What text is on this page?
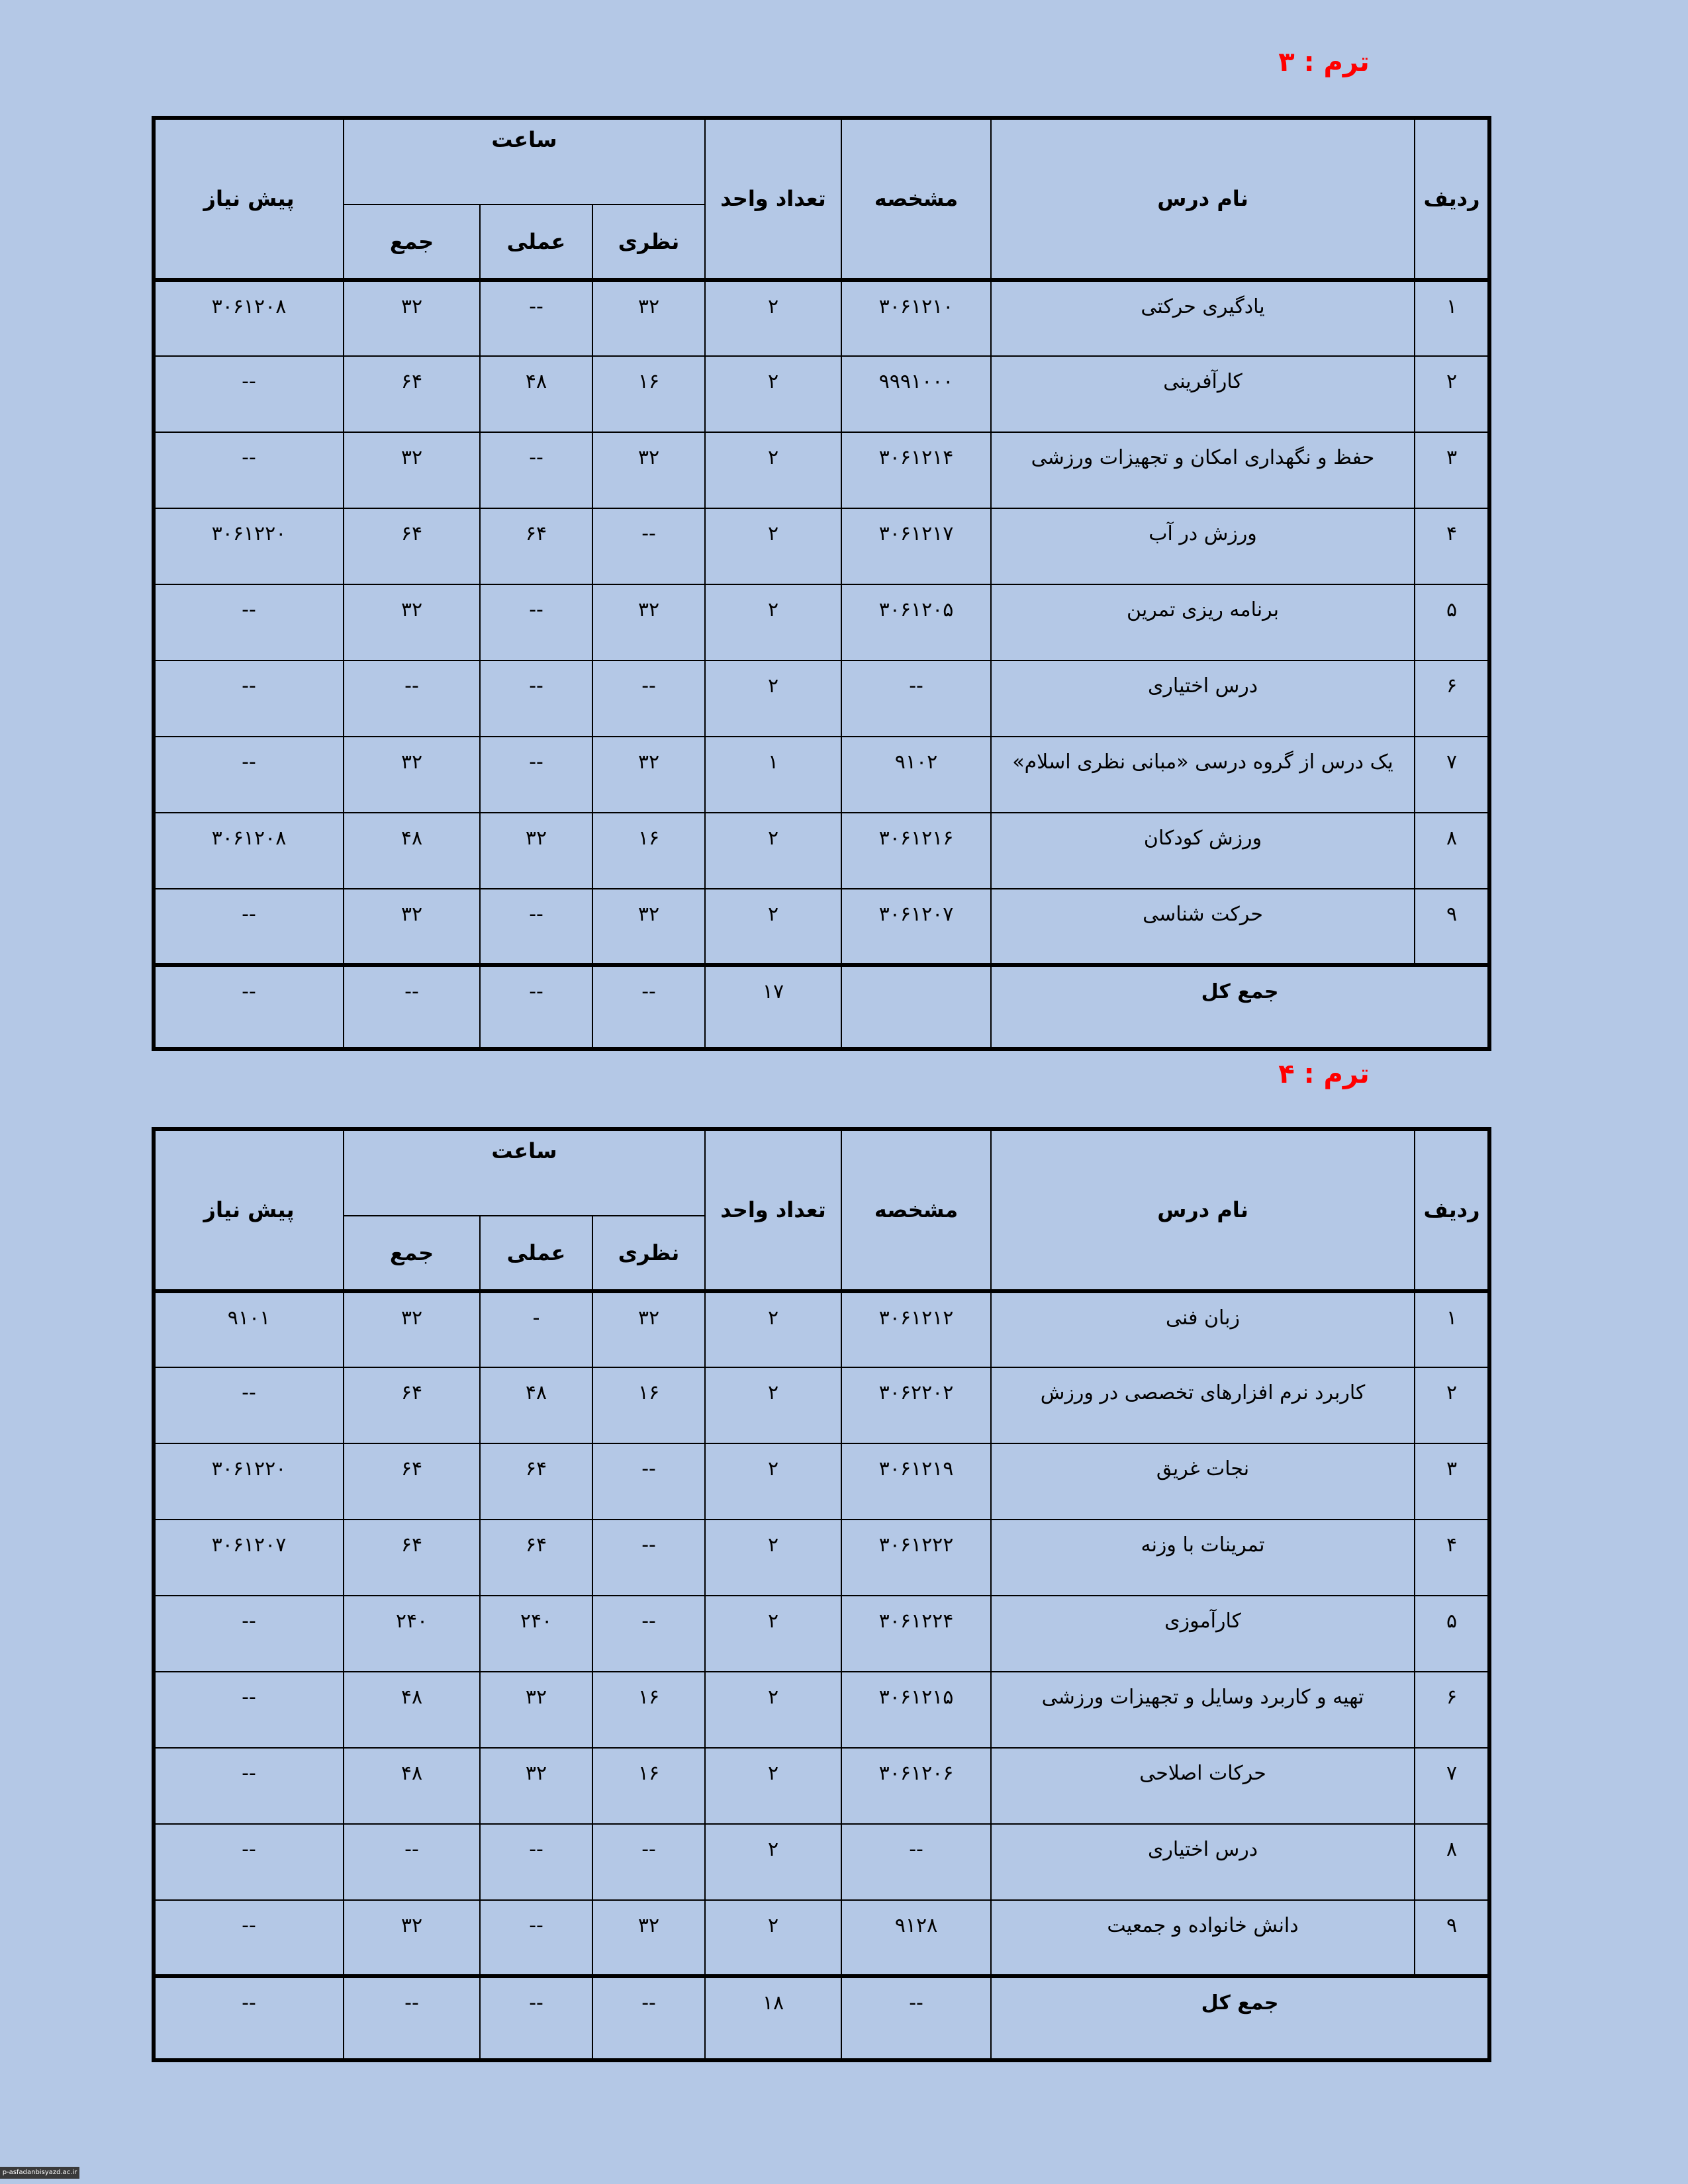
ترم : ۳
ردیف	نام درس	مشخصه	تعداد واحد	ساعت			پیش نیاز
				نظری	عملی	جمع	
۱	یادگیری حرکتی	۳۰۶۱۲۱۰	۲	۳۲	--	۳۲	۳۰۶۱۲۰۸
۲	کارآفرینی	۹۹۹۱۰۰۰	۲	۱۶	۴۸	۶۴	--
۳	حفظ و نگهداری امکان و تجهیزات ورزشی	۳۰۶۱۲۱۴	۲	۳۲	--	۳۲	--
۴	ورزش در آب	۳۰۶۱۲۱۷	۲	--	۶۴	۶۴	۳۰۶۱۲۲۰
۵	برنامه ریزی تمرین	۳۰۶۱۲۰۵	۲	۳۲	--	۳۲	--
۶	درس اختیاری	--	۲	--	--	--	--
۷	یک درس از گروه درسی «مبانی نظری اسلام»	۹۱۰۲	۱	۳۲	--	۳۲	--
۸	ورزش کودکان	۳۰۶۱۲۱۶	۲	۱۶	۳۲	۴۸	۳۰۶۱۲۰۸
۹	حرکت شناسی	۳۰۶۱۲۰۷	۲	۳۲	--	۳۲	--
جمع کل			۱۷	--	--	--	--
ترم : ۴
ردیف	نام درس	مشخصه	تعداد واحد	ساعت			پیش نیاز
				نظری	عملی	جمع	
۱	زبان فنی	۳۰۶۱۲۱۲	۲	۳۲	-	۳۲	۹۱۰۱
۲	کاربرد نرم افزارهای تخصصی در ورزش	۳۰۶۲۲۰۲	۲	۱۶	۴۸	۶۴	--
۳	نجات غریق	۳۰۶۱۲۱۹	۲	--	۶۴	۶۴	۳۰۶۱۲۲۰
۴	تمرینات با وزنه	۳۰۶۱۲۲۲	۲	--	۶۴	۶۴	۳۰۶۱۲۰۷
۵	کارآموزی	۳۰۶۱۲۲۴	۲	--	۲۴۰	۲۴۰	--
۶	تهیه و کاربرد وسایل و تجهیزات ورزشی	۳۰۶۱۲۱۵	۲	۱۶	۳۲	۴۸	--
۷	حرکات اصلاحی	۳۰۶۱۲۰۶	۲	۱۶	۳۲	۴۸	--
۸	درس اختیاری	--	۲	--	--	--	--
۹	دانش خانواده و جمعیت	۹۱۲۸	۲	۳۲	--	۳۲	--
جمع کل		--	۱۸	--	--	--	--
p-asfadanbisyazd.ac.ir
